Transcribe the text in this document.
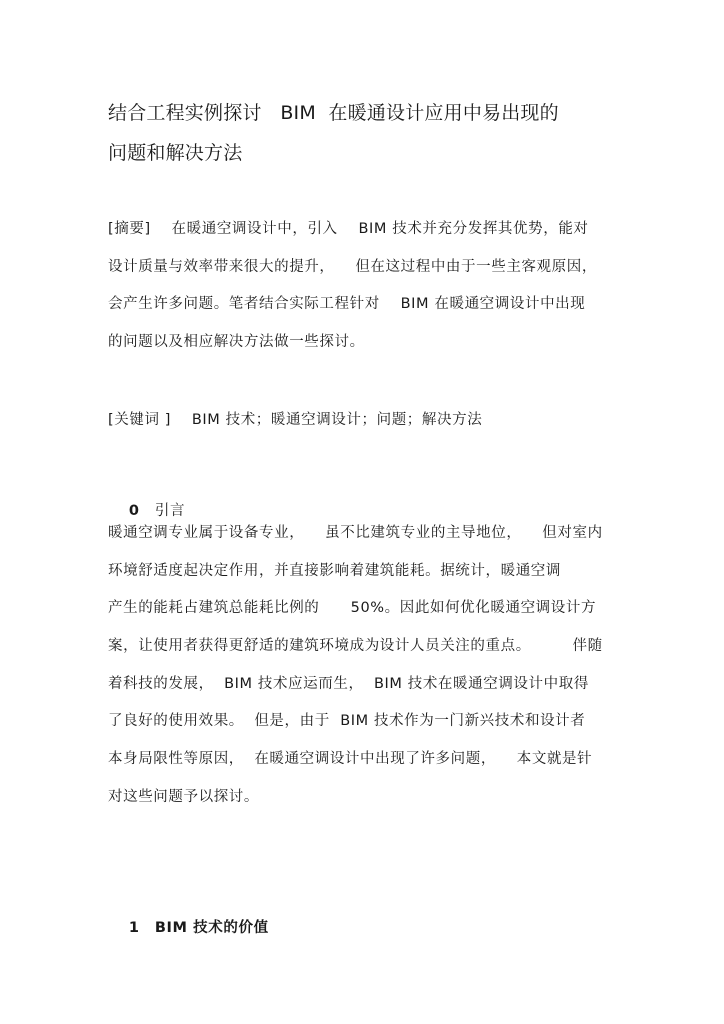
结合工程实例探讨   BIM  在暖通设计应用中易出现的
问题和解决方法
[摘要]    在暖通空调设计中，引入    BIM 技术并充分发挥其优势，能对
设计质量与效率带来很大的提升，    但在这过程中由于一些主客观原因，
会产生许多问题。笔者结合实际工程针对    BIM 在暖通空调设计中出现
的问题以及相应解决方法做一些探讨。
[关键词 ]    BIM 技术；暖通空调设计；问题；解决方法

0 引言

暖通空调专业属于设备专业，    虽不比建筑专业的主导地位，    但对室内
环境舒适度起决定作用，并直接影响着建筑能耗。据统计，暖通空调
产生的能耗占建筑总能耗比例的      50%。因此如何优化暖通空调设计方
案，让使用者获得更舒适的建筑环境成为设计人员关注的重点。        伴随
着科技的发展，  BIM 技术应运而生，  BIM 技术在暖通空调设计中取得
了良好的使用效果。  但是，由于  BIM 技术作为一门新兴技术和设计者
本身局限性等原因，  在暖通空调设计中出现了许多问题，    本文就是针
对这些问题予以探讨。

1 BIM 技术的价值
